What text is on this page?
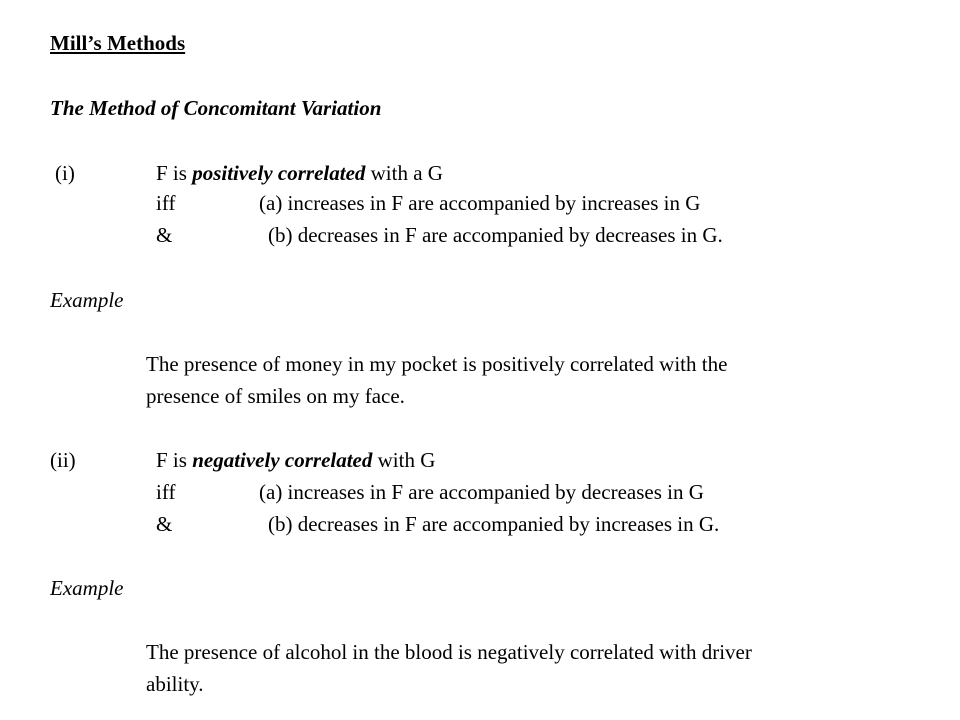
Mill’s Methods
The Method of Concomitant Variation
(i)	F is positively correlated with a G
iff	(a) increases in F are accompanied by increases in G
&	(b) decreases in F are accompanied by decreases in G.
Example
The presence of money in my pocket is positively correlated with the
presence of smiles on my face.
(ii)	F is negatively correlated with G
iff	(a) increases in F are accompanied by decreases in G
&	(b) decreases in F are accompanied by increases in G.
Example
The presence of alcohol in the blood is negatively correlated with driver
ability.
